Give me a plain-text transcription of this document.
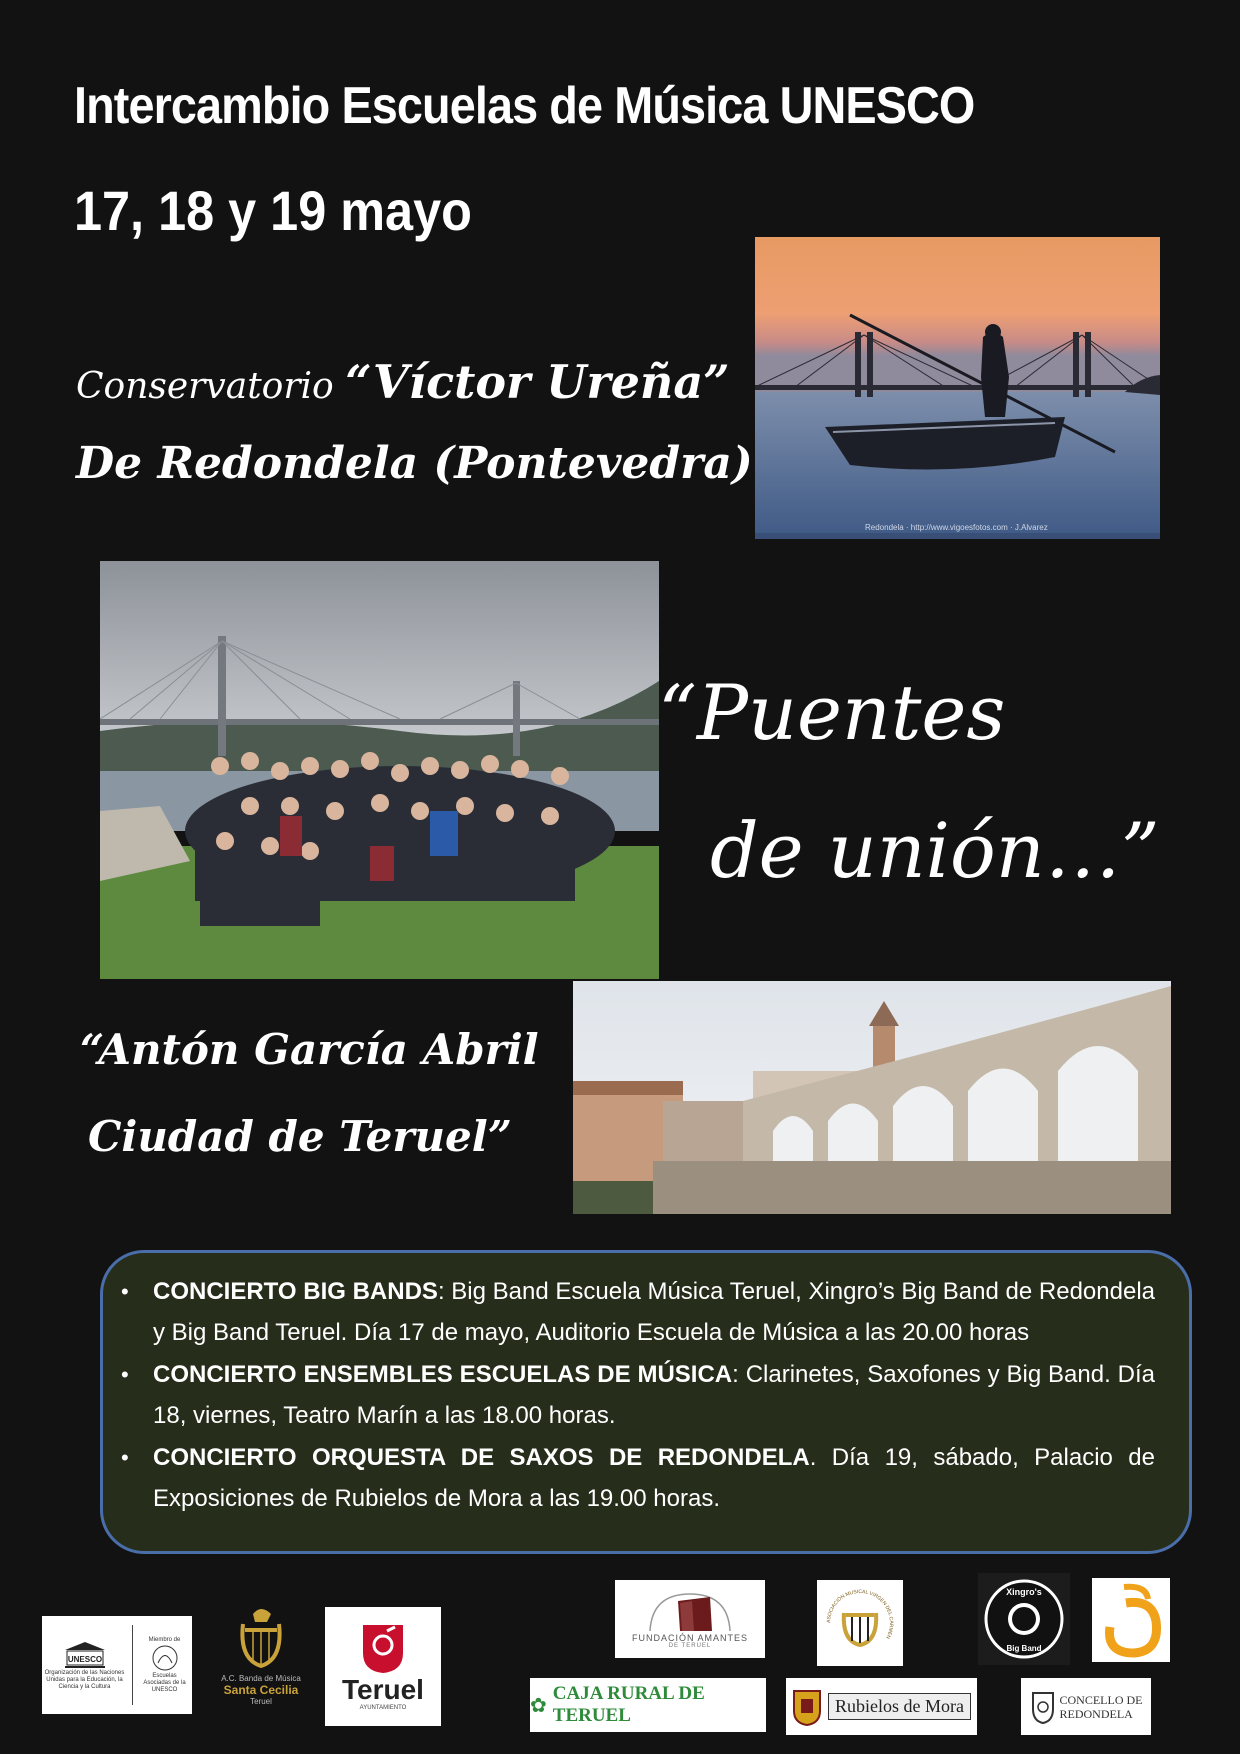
Intercambio Escuelas de Música UNESCO
17, 18 y 19 mayo
Conservatorio “Víctor Ureña”
De Redondela (Pontevedra)
Redondela · http://www.vigoesfotos.com · J.Alvarez
“Puentes
de unión…”
“Antón García Abril
Ciudad de Teruel”
• CONCIERTO BIG BANDS: Big Band Escuela Música Teruel, Xingro’s Big Band de Redondela y Big Band Teruel. Día 17 de mayo, Auditorio Escuela de Música a las 20.00 horas
• CONCIERTO ENSEMBLES ESCUELAS DE MÚSICA: Clarinetes, Saxofones y Big Band. Día 18, viernes, Teatro Marín a las 18.00 horas.
• CONCIERTO ORQUESTA DE SAXOS DE REDONDELA. Día 19, sábado, Palacio de Exposiciones de Rubielos de Mora a las 19.00 horas.
UNESCO
Organización de las Naciones Unidas para la Educación, la Ciencia y la Cultura
Miembro de
Escuelas Asociadas de la UNESCO
A.C. Banda de Música
Santa Cecilia
Teruel	Teruel
AYUNTAMIENTO
FUNDACIÓN AMANTES
DE TERUEL
ASOCIACIÓN MUSICAL VIRGEN DEL CARMEN
Xingro's
Big Band
✿ CAJA RURAL DE TERUEL	Rubielos de Mora	CONCELLO DE
REDONDELA
